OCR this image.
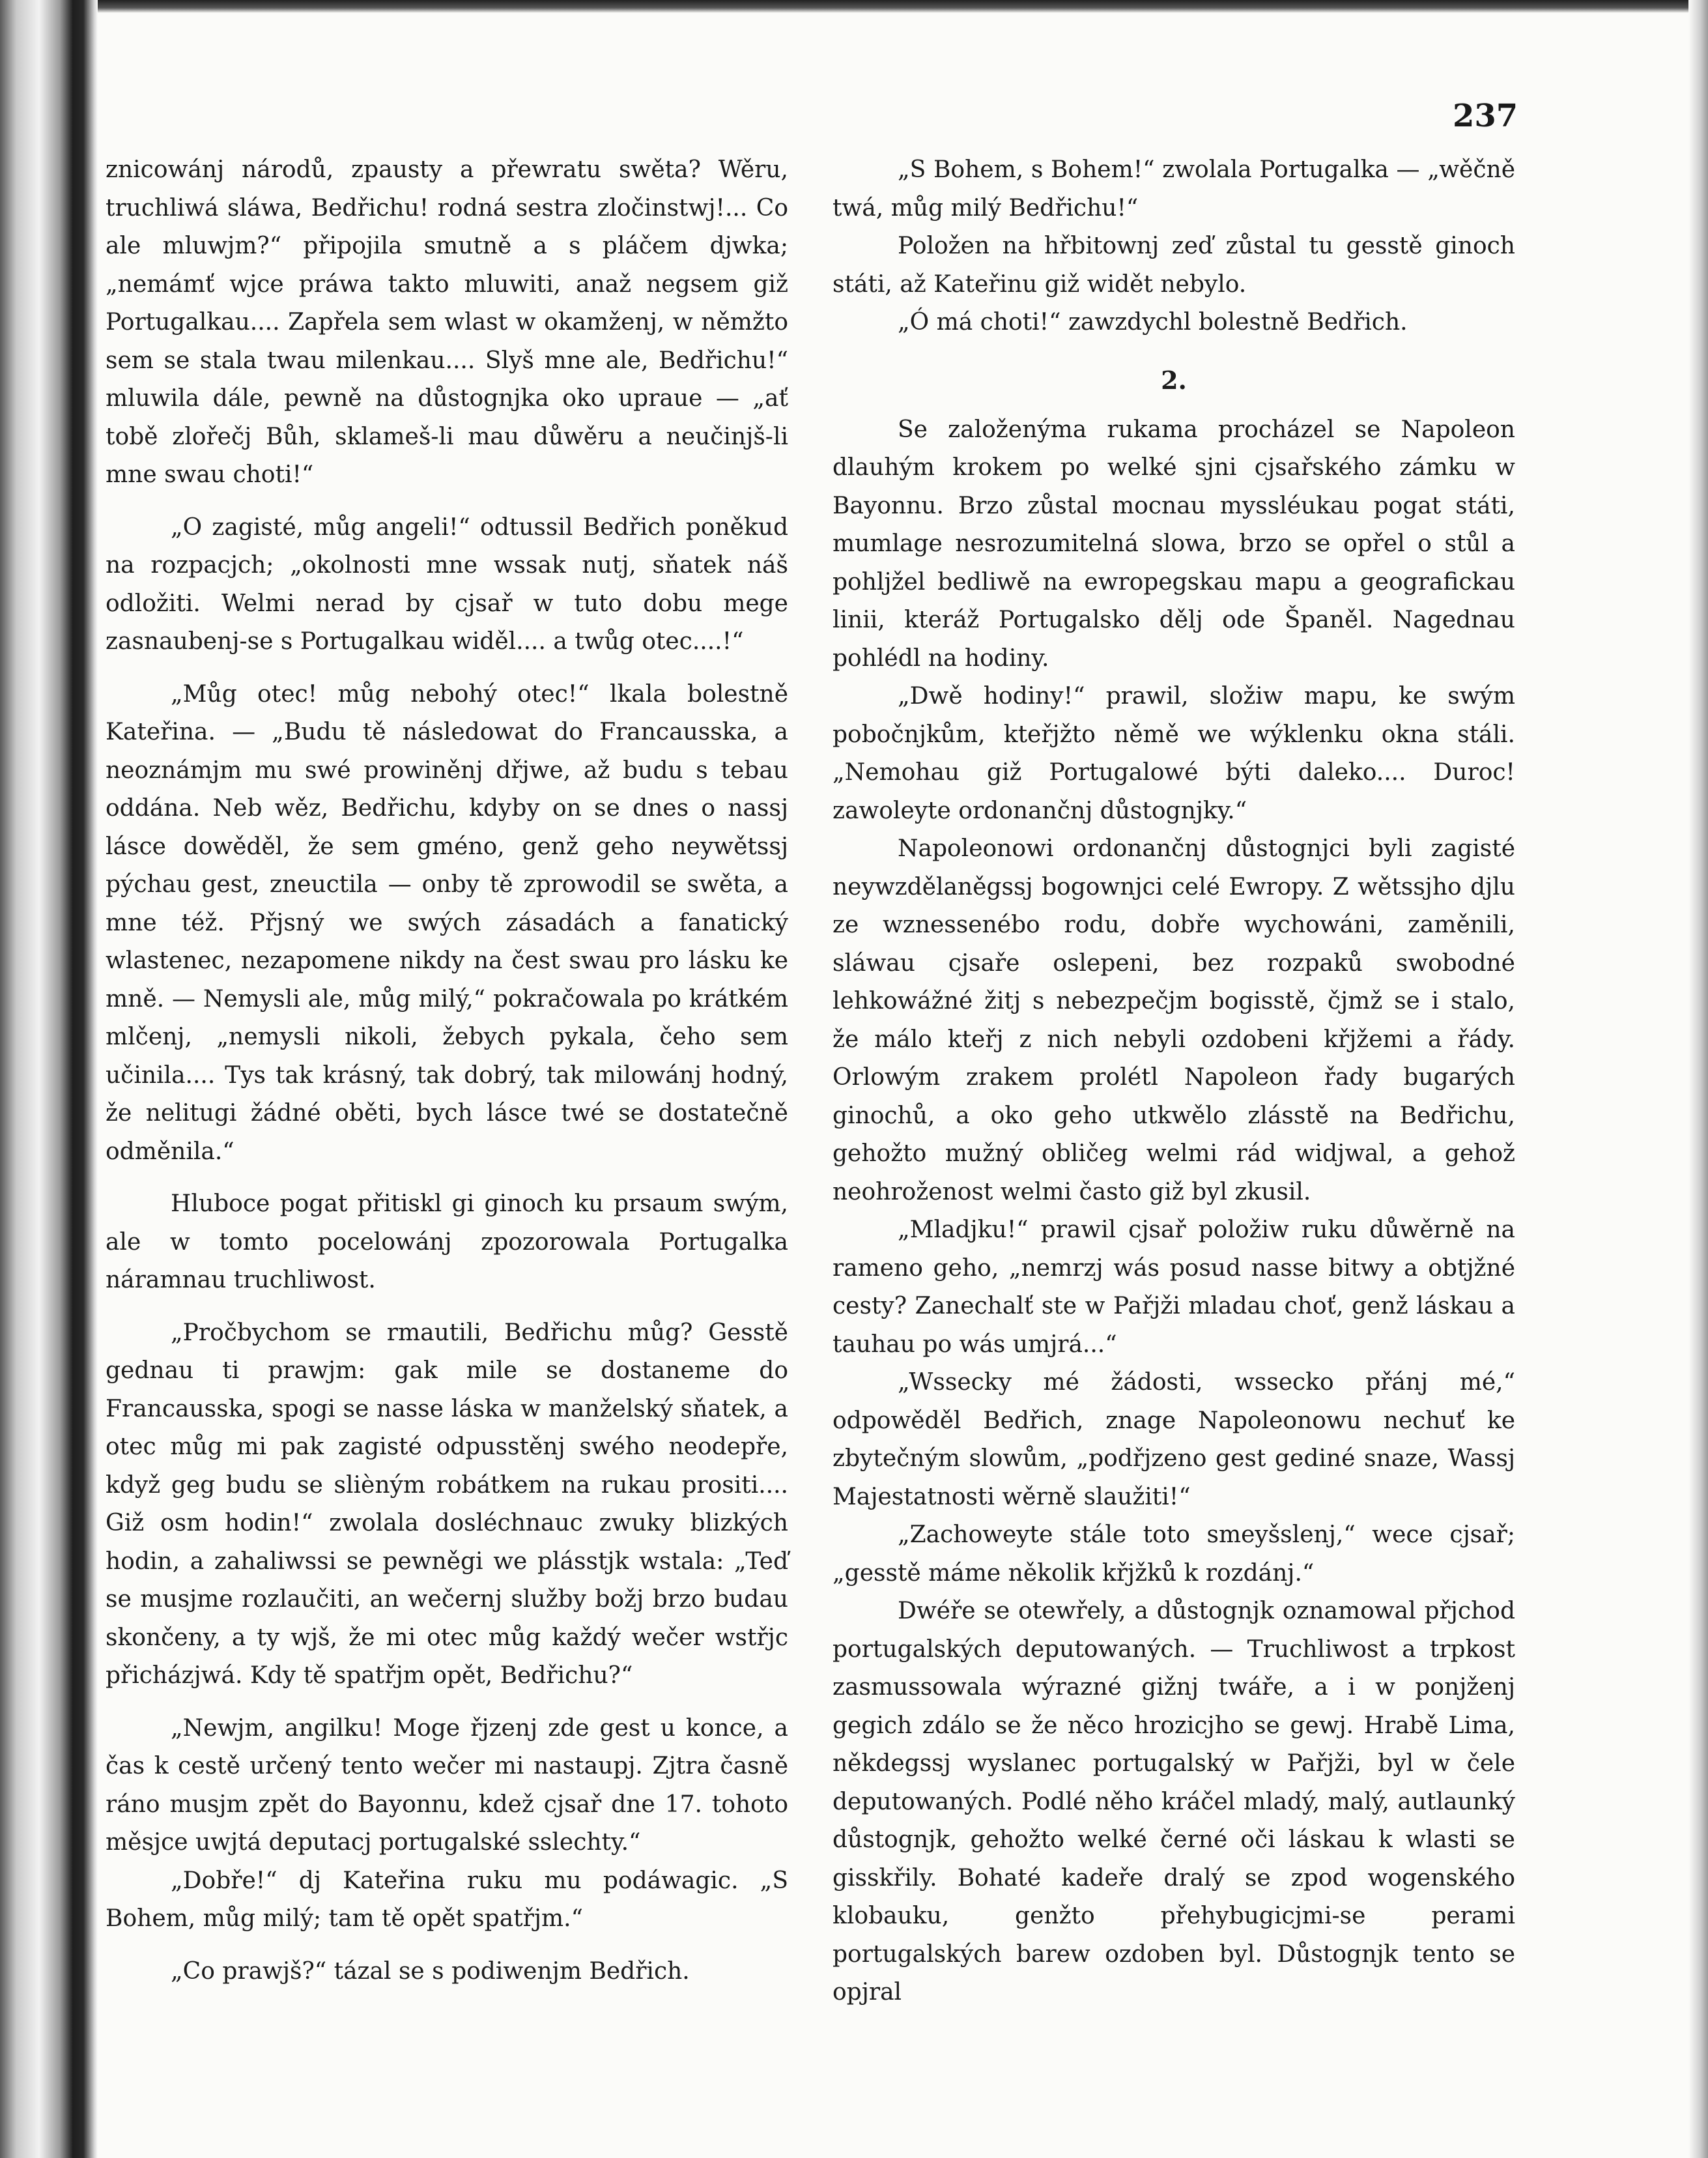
237

znicowánj národů, zpausty a přewratu swěta? Wěru, truchliwá sláwa, Bedřichu! rodná sestra zločinstwj!... Co ale mluwjm?“ připojila smutně a s pláčem djwka; „nemámť wjce práwa takto mluwiti, anaž negsem giž Portugalkau.... Zapřela sem wlast w okamženj, w němžto sem se stala twau milenkau.... Slyš mne ale, Bedřichu!“ mluwila dále, pewně na důstognjka oko upraue — „ať tobě zlořečj Bůh, sklameš-li mau důwěru a neučinjš-li mne swau choti!“

„O zagisté, můg angeli!“ odtussil Bedřich poněkud na rozpacjch; „okolnosti mne wssak nutj, sňatek náš odložiti. Welmi nerad by cjsař w tuto dobu mege zasnaubenj-se s Portugalkau widěl.... a twůg otec....!“

„Můg otec! můg nebohý otec!“ lkala bolestně Kateřina. — „Budu tě následowat do Francausska, a neoznámjm mu swé prowiněnj dřjwe, až budu s tebau oddána. Neb wěz, Bedřichu, kdyby on se dnes o nassj lásce dowěděl, že sem gméno, genž geho neywětssj pýchau gest, zneuctila — onby tě zprowodil se swěta, a mne též. Přjsný we swých zásadách a fanatický wlastenec, nezapomene nikdy na čest swau pro lásku ke mně. — Nemysli ale, můg milý,“ pokračowala po krátkém mlčenj, „nemysli nikoli, žebych pykala, čeho sem učinila.... Tys tak krásný, tak dobrý, tak milowánj hodný, že nelitugi žádné oběti, bych lásce twé se dostatečně odměnila.“

Hluboce pogat přitiskl gi ginoch ku prsaum swým, ale w tomto pocelowánj zpozorowala Portugalka náramnau truchliwost.

„Pročbychom se rmautili, Bedřichu můg? Gesstě gednau ti prawjm: gak mile se dostaneme do Francausska, spogi se nasse láska w manželský sňatek, a otec můg mi pak zagisté odpusstěnj swého neodepře, když geg budu se slièným robátkem na rukau prositi.... Giž osm hodin!“ zwolala dosléchnauc zwuky blizkých hodin, a zahaliwssi se pewněgi we plásstjk wstala: „Teď se musjme rozlaučiti, an wečernj služby božj brzo budau skončeny, a ty wjš, že mi otec můg každý wečer wstřjc přicházjwá. Kdy tě spatřjm opět, Bedřichu?“

„Newjm, angilku! Moge řjzenj zde gest u konce, a čas k cestě určený tento wečer mi nastaupj. Zjtra časně ráno musjm zpět do Bayonnu, kdež cjsař dne 17. tohoto měsjce uwjtá deputacj portugalské sslechty.“

„Dobře!“ dj Kateřina ruku mu podáwagic. „S Bohem, můg milý; tam tě opět spatřjm.“

„Co prawjš?“ tázal se s podiwenjm Bedřich.

„S Bohem, s Bohem!“ zwolala Portugalka — „wěčně twá, můg milý Bedřichu!“

Položen na hřbitownj zeď zůstal tu gesstě ginoch státi, až Kateřinu giž widět nebylo.

„Ó má choti!“ zawzdychl bolestně Bedřich.

2.

Se založenýma rukama procházel se Napoleon dlauhým krokem po welké sjni cjsařského zámku w Bayonnu. Brzo zůstal mocnau myssléukau pogat státi, mumlage nesrozumitelná slowa, brzo se opřel o stůl a pohljžel bedliwě na ewropegskau mapu a geografickau linii, kteráž Portugalsko dělj ode Španěl. Nagednau pohlédl na hodiny.

„Dwě hodiny!“ prawil, složiw mapu, ke swým pobočnjkům, kteřjžto němě we wýklenku okna stáli. „Nemohau giž Portugalowé býti daleko.... Duroc! zawoleyte ordonančnj důstognjky.“

Napoleonowi ordonančnj důstognjci byli zagisté neywzdělaněgssj bogownjci celé Ewropy. Z wětssjho djlu ze wznessenébo rodu, dobře wychowáni, zaměnili, sláwau cjsaře oslepeni, bez rozpaků swobodné lehkowážné žitj s nebezpečjm bogisstě, čjmž se i stalo, že málo kteřj z nich nebyli ozdobeni křjžemi a řády. Orlowým zrakem prolétl Napoleon řady bugarých ginochů, a oko geho utkwělo zlásstě na Bedřichu, gehožto mužný obličeg welmi rád widjwal, a gehož neohroženost welmi často giž byl zkusil.

„Mladjku!“ prawil cjsař položiw ruku důwěrně na rameno geho, „nemrzj wás posud nasse bitwy a obtjžné cesty? Zanechalť ste w Pařjži mladau choť, genž láskau a tauhau po wás umjrá...“

„Wssecky mé žádosti, wssecko přánj mé,“ odpowěděl Bedřich, znage Napoleonowu nechuť ke zbytečným slowům, „podřjzeno gest gediné snaze, Wassj Majestatnosti wěrně slaužiti!“

„Zachoweyte stále toto smeyšslenj,“ wece cjsař; „gesstě máme několik křjžků k rozdánj.“

Dwéře se otewřely, a důstognjk oznamowal přjchod portugalských deputowaných. — Truchliwost a trpkost zasmussowala wýrazné gižnj twáře, a i w ponjženj gegich zdálo se že něco hrozicjho se gewj. Hrabě Lima, někdegssj wyslanec portugalský w Pařjži, byl w čele deputowaných. Podlé něho kráčel mladý, malý, autlaunký důstognjk, gehožto welké černé oči láskau k wlasti se gisskřily. Bohaté kadeře dralý se zpod wogenského klobauku, genžto přehybugicjmi-se perami portugalských barew ozdoben byl. Důstognjk tento se opjral
